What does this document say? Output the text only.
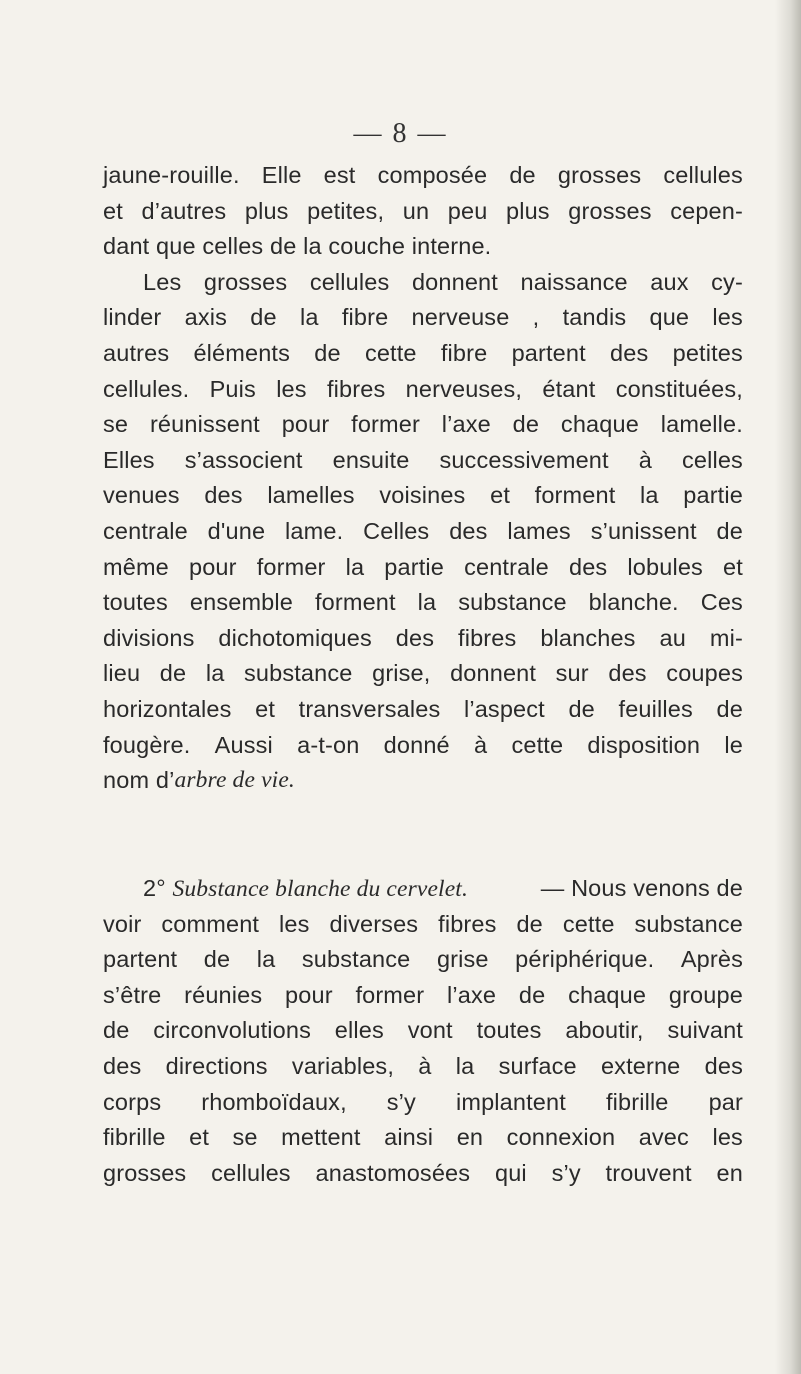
— 8 —
jaune-rouille. Elle est composée de grosses cellules
et d’autres plus petites, un peu plus grosses cepen-
dant que celles de la couche interne.
Les grosses cellules donnent naissance aux cy-
linder axis de la fibre nerveuse , tandis que les
autres éléments de cette fibre partent des petites
cellules. Puis les fibres nerveuses, étant constituées,
se réunissent pour former l’axe de chaque lamelle.
Elles s’associent ensuite successivement à celles
venues des lamelles voisines et forment la partie
centrale d'une lame. Celles des lames s’unissent de
même pour former la partie centrale des lobules et
toutes ensemble forment la substance blanche. Ces
divisions dichotomiques des fibres blanches au mi-
lieu de la substance grise, donnent sur des coupes
horizontales et transversales l’aspect de feuilles de
fougère. Aussi a-t-on donné à cette disposition le
nom d’ arbre de vie.
2° Substance blanche du cervelet.	— Nous venons de
voir comment les diverses fibres de cette substance
partent de la substance grise périphérique. Après
s’être réunies pour former l’axe de chaque groupe
de circonvolutions elles vont toutes aboutir, suivant
des directions variables, à la surface externe des
corps rhomboïdaux, s’y implantent fibrille par
fibrille et se mettent ainsi en connexion avec les
grosses cellules anastomosées qui s’y trouvent en
